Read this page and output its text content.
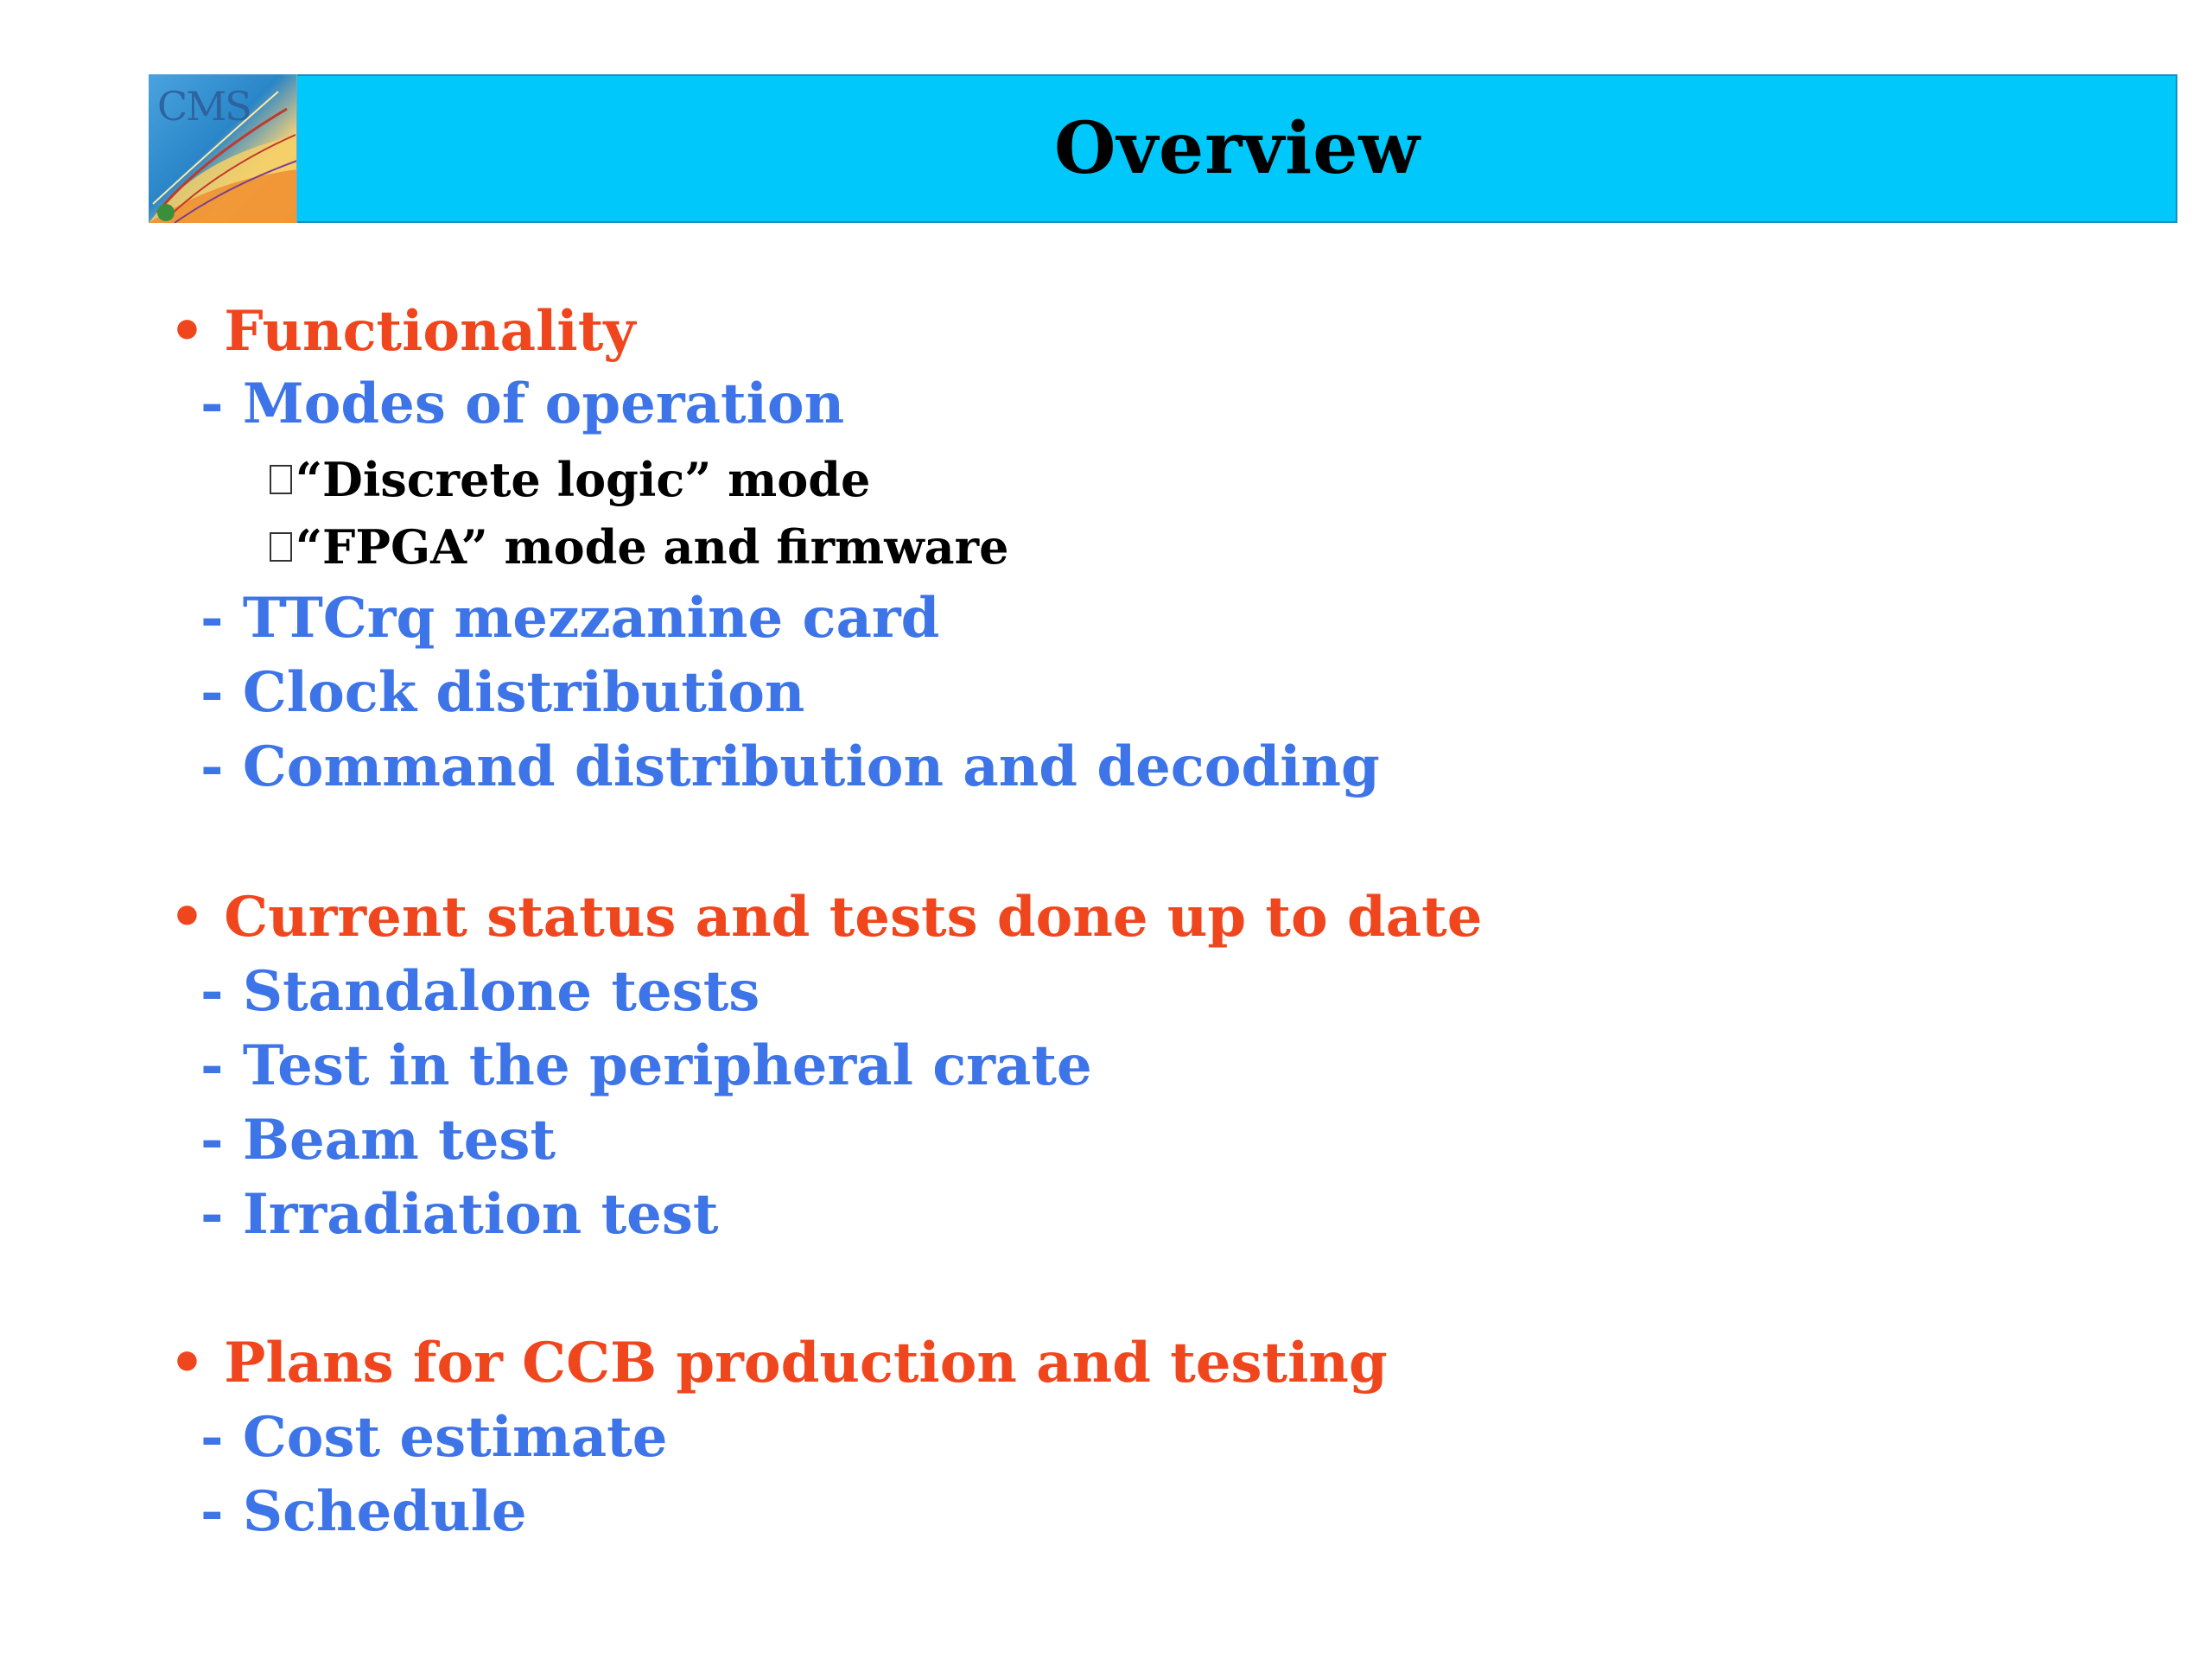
CMS
Overview
• Functionality
- Modes of operation
“Discrete logic” mode
“FPGA” mode and firmware
- TTCrq mezzanine card
- Clock distribution
- Command distribution and decoding
• Current status and tests done up to date
- Standalone tests
- Test in the peripheral crate
- Beam test
- Irradiation test
• Plans for CCB production and testing
- Cost estimate
- Schedule
